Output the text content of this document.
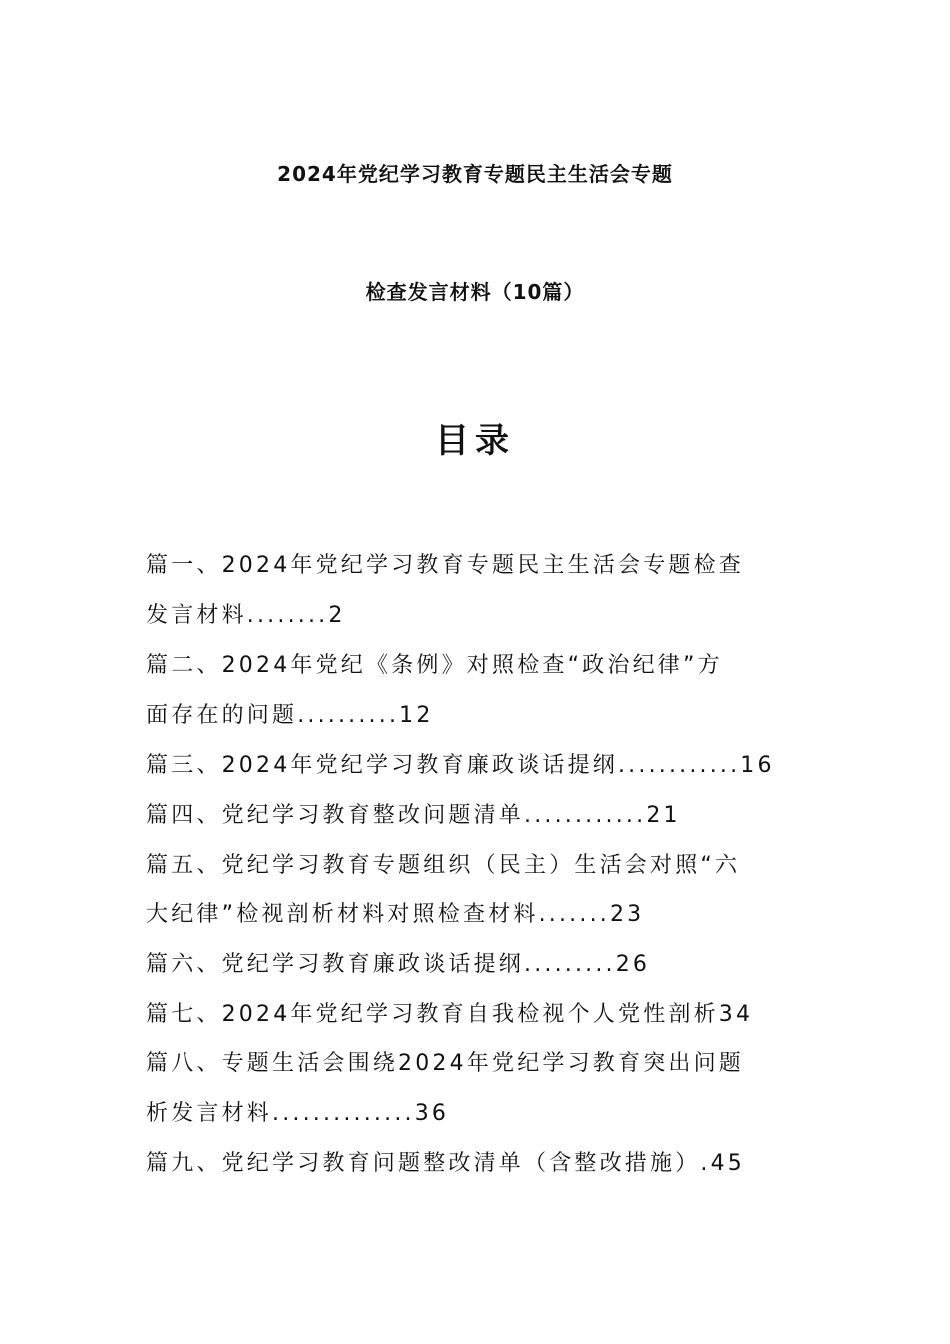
2024年党纪学习教育专题民主生活会专题
检查发言材料（10篇）
目录
篇一、2024年党纪学习教育专题民主生活会专题检查
发言材料........2
篇二、2024年党纪《条例》对照检查“政治纪律”方
面存在的问题..........12
篇三、2024年党纪学习教育廉政谈话提纲............16
篇四、党纪学习教育整改问题清单............21
篇五、党纪学习教育专题组织（民主）生活会对照“六
大纪律”检视剖析材料对照检查材料.......23
篇六、党纪学习教育廉政谈话提纲.........26
篇七、2024年党纪学习教育自我检视个人党性剖析34
篇八、专题生活会围绕2024年党纪学习教育突出问题
析发言材料..............36
篇九、党纪学习教育问题整改清单（含整改措施）.45
